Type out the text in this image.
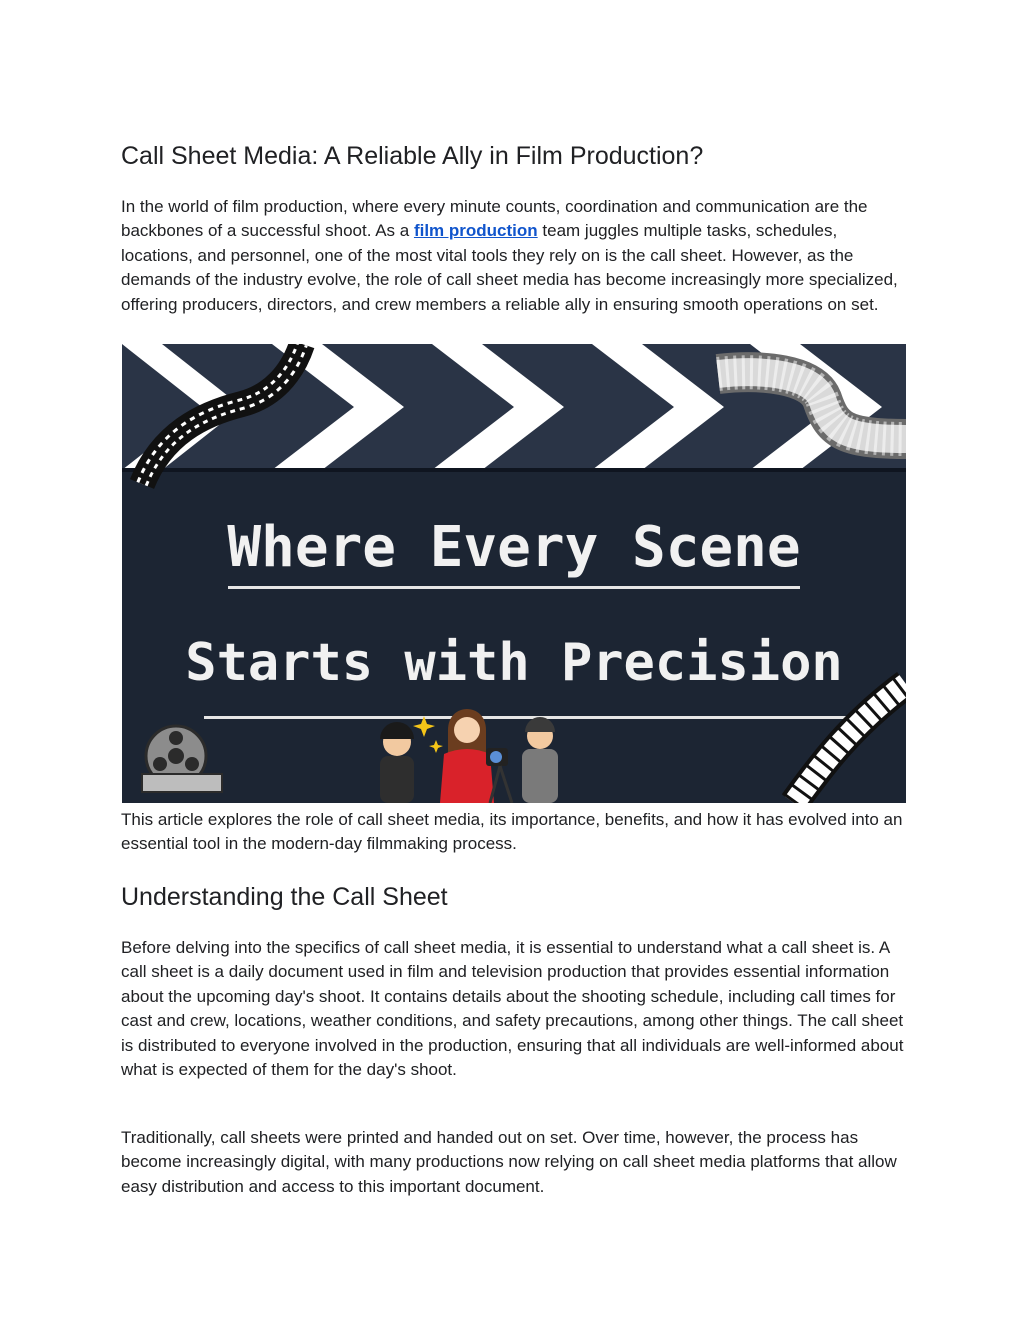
Call Sheet Media: A Reliable Ally in Film Production?

In the world of film production, where every minute counts, coordination and communication are the backbones of a successful shoot. As a film production team juggles multiple tasks, schedules, locations, and personnel, one of the most vital tools they rely on is the call sheet. However, as the demands of the industry evolve, the role of call sheet media has become increasingly more specialized, offering producers, directors, and crew members a reliable ally in ensuring smooth operations on set.

This article explores the role of call sheet media, its importance, benefits, and how it has evolved into an essential tool in the modern-day filmmaking process.

Understanding the Call Sheet

Before delving into the specifics of call sheet media, it is essential to understand what a call sheet is. A call sheet is a daily document used in film and television production that provides essential information about the upcoming day's shoot. It contains details about the shooting schedule, including call times for cast and crew, locations, weather conditions, and safety precautions, among other things. The call sheet is distributed to everyone involved in the production, ensuring that all individuals are well-informed about what is expected of them for the day's shoot.

Traditionally, call sheets were printed and handed out on set. Over time, however, the process has become increasingly digital, with many productions now relying on call sheet media platforms that allow easy distribution and access to this important document.

Where Every Scene
Starts with Precision
